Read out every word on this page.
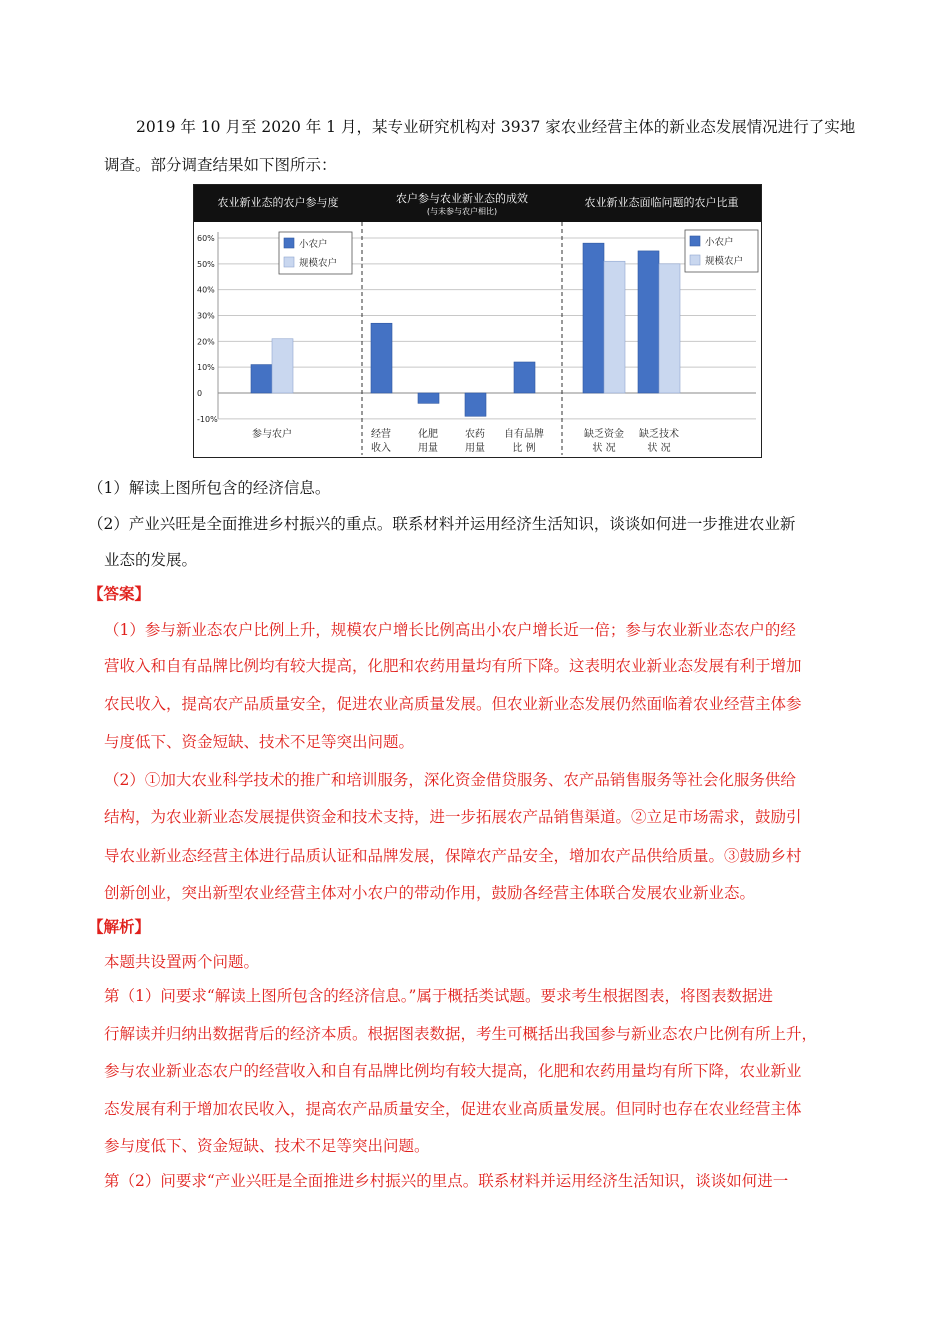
2019 年 10 月至 2020 年 1 月，某专业研究机构对 3937 家农业经营主体的新业态发展情况进行了实地
调查。部分调查结果如下图所示：
农业新业态的农户参与度	农户参与农业新业态的成效
(与未参与农户相比)
农业新业态面临问题的农户比重
60%
50%
40%
30%
20%
10%
0
-10%
参与农户	经营
收入
化肥
用量
农药
用量
自有品牌
比 例
缺乏资金
状 况
缺乏技术
状 况
小农户
规模农户
小农户
规模农户
（1）解读上图所包含的经济信息。
（2）产业兴旺是全面推进乡村振兴的重点。联系材料并运用经济生活知识，谈谈如何进一步推进农业新
业态的发展。
【答案】
（1）参与新业态农户比例上升，规模农户增长比例高出小农户增长近一倍；参与农业新业态农户的经
营收入和自有品牌比例均有较大提高，化肥和农药用量均有所下降。这表明农业新业态发展有利于增加
农民收入，提高农产品质量安全，促进农业高质量发展。但农业新业态发展仍然面临着农业经营主体参
与度低下、资金短缺、技术不足等突出问题。
（2）①加大农业科学技术的推广和培训服务，深化资金借贷服务、农产品销售服务等社会化服务供给
结构，为农业新业态发展提供资金和技术支持，进一步拓展农产品销售渠道。②立足市场需求，鼓励引
导农业新业态经营主体进行品质认证和品牌发展，保障农产品安全，增加农产品供给质量。③鼓励乡村
创新创业，突出新型农业经营主体对小农户的带动作用，鼓励各经营主体联合发展农业新业态。
【解析】
本题共设置两个问题。
第（1）问要求“解读上图所包含的经济信息。”属于概括类试题。要求考生根据图表，将图表数据进
行解读并归纳出数据背后的经济本质。根据图表数据，考生可概括出我国参与新业态农户比例有所上升，
参与农业新业态农户的经营收入和自有品牌比例均有较大提高，化肥和农药用量均有所下降，农业新业
态发展有利于增加农民收入，提高农产品质量安全，促进农业高质量发展。但同时也存在农业经营主体
参与度低下、资金短缺、技术不足等突出问题。
第（2）问要求“产业兴旺是全面推进乡村振兴的里点。联系材料并运用经济生活知识，谈谈如何进一
